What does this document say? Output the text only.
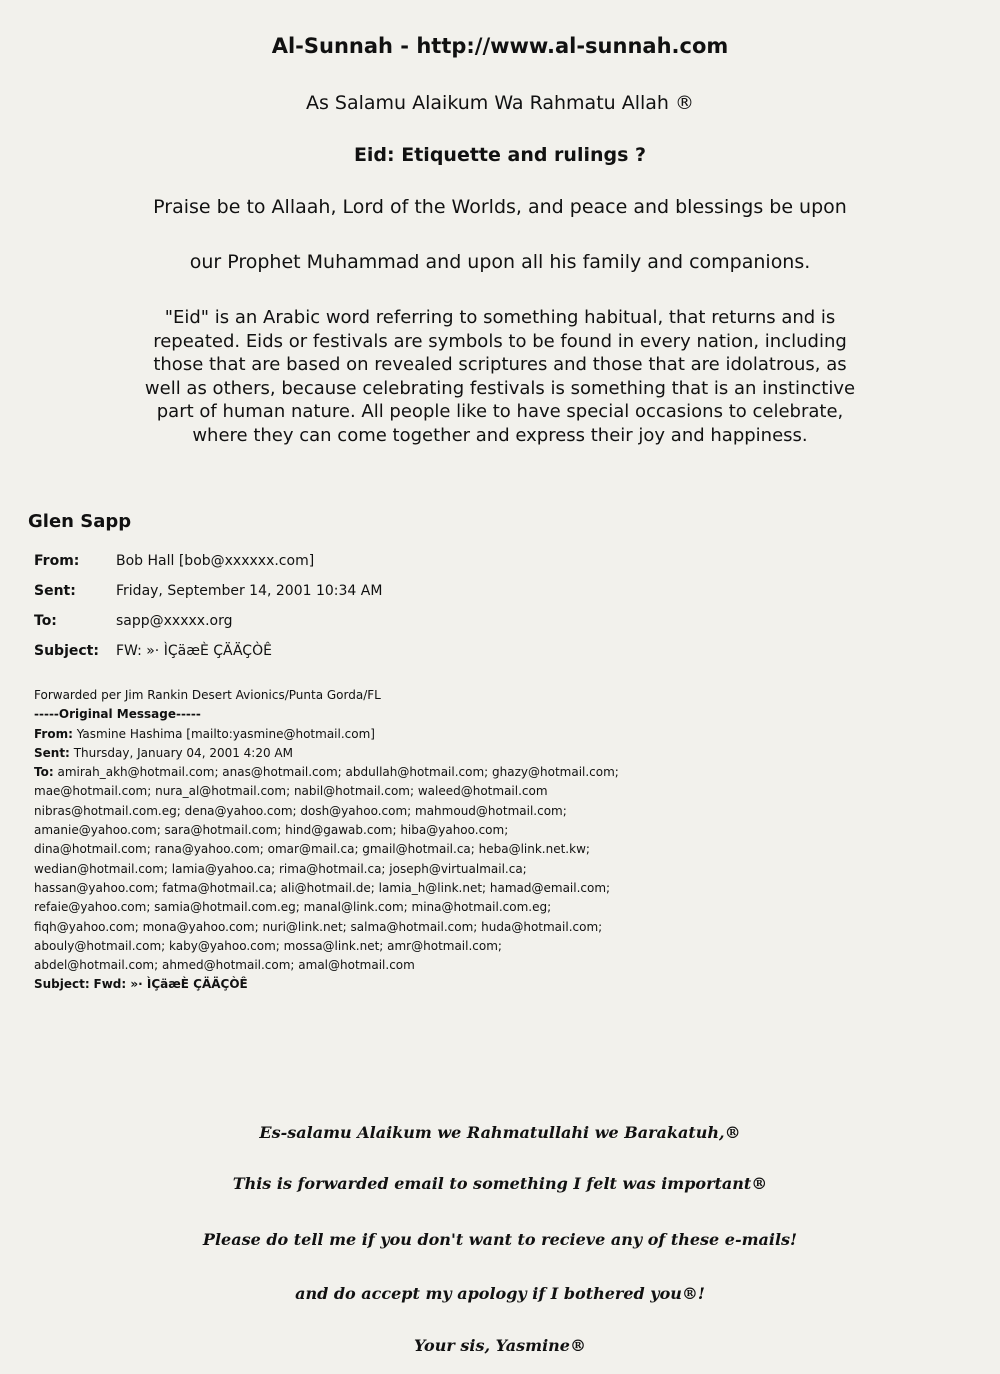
Al-Sunnah - http://www.al-sunnah.com
As Salamu Alaikum Wa Rahmatu Allah ®
Eid: Etiquette and rulings ?
Praise be to Allaah, Lord of the Worlds, and peace and blessings be upon
our Prophet Muhammad and upon all his family and companions.
"Eid" is an Arabic word referring to something habitual, that returns and is
repeated. Eids or festivals are symbols to be found in every nation, including
those that are based on revealed scriptures and those that are idolatrous, as
well as others, because celebrating festivals is something that is an instinctive
part of human nature. All people like to have special occasions to celebrate,
where they can come together and express their joy and happiness.
Glen Sapp
From:	Bob Hall [bob@xxxxxx.com]
Sent:	Friday, September 14, 2001 10:34 AM
To:	sapp@xxxxx.org
Subject:	FW: »· ÌÇäæÈ ÇÄÄÇÒÊ
Forwarded per Jim Rankin Desert Avionics/Punta Gorda/FL
-----Original Message-----
From: Yasmine Hashima [mailto:yasmine@hotmail.com]
Sent: Thursday, January 04, 2001 4:20 AM
To: amirah_akh@hotmail.com; anas@hotmail.com; abdullah@hotmail.com; ghazy@hotmail.com;
mae@hotmail.com; nura_al@hotmail.com; nabil@hotmail.com; waleed@hotmail.com
nibras@hotmail.com.eg; dena@yahoo.com; dosh@yahoo.com; mahmoud@hotmail.com;
amanie@yahoo.com; sara@hotmail.com; hind@gawab.com; hiba@yahoo.com;
dina@hotmail.com; rana@yahoo.com; omar@mail.ca; gmail@hotmail.ca; heba@link.net.kw;
wedian@hotmail.com; lamia@yahoo.ca; rima@hotmail.ca; joseph@virtualmail.ca;
hassan@yahoo.com; fatma@hotmail.ca; ali@hotmail.de; lamia_h@link.net; hamad@email.com;
refaie@yahoo.com; samia@hotmail.com.eg; manal@link.com; mina@hotmail.com.eg;
fiqh@yahoo.com; mona@yahoo.com; nuri@link.net; salma@hotmail.com; huda@hotmail.com;
abouly@hotmail.com; kaby@yahoo.com; mossa@link.net; amr@hotmail.com;
abdel@hotmail.com; ahmed@hotmail.com; amal@hotmail.com
Subject: Fwd: »· ÌÇäæÈ ÇÄÄÇÒÊ
Es-salamu Alaikum we Rahmatullahi we Barakatuh,®
This is forwarded email to something I felt was important®
Please do tell me if you don't want to recieve any of these e-mails!
and do accept my apology if I bothered you®!
Your sis, Yasmine®
